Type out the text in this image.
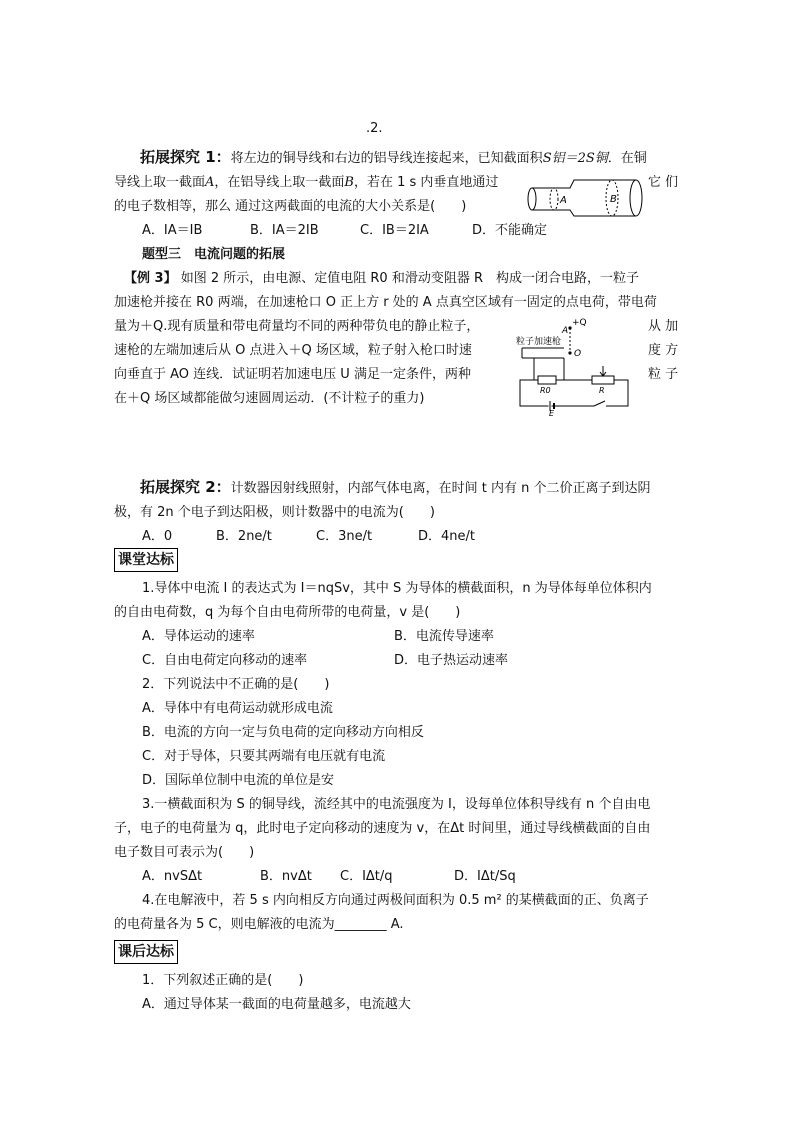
.2.
拓展探究 1：将左边的铜导线和右边的铝导线连接起来，已知截面积S铝＝2S铜．在铜
导线上取一截面A，在铝导线上取一截面B，若在 1 s 内垂直地通过	它 们
A	B
的电子数相等，那么 通过这两截面的电流的大小关系是(　　)
A．IA＝IB	B．IA＝2IB	C．IB＝2IA	D．不能确定
题型三　电流问题的拓展
【例 3】 如图 2 所示，由电源、定值电阻 R0 和滑动变阻器 R　构成一闭合电路，一粒子
加速枪并接在 R0 两端，在加速枪口 O 正上方 r 处的 A 点真空区域有一固定的点电荷，带电荷
量为＋Q.现有质量和带电荷量均不同的两种带负电的静止粒子，	从 加
速枪的左端加速后从 O 点进入＋Q 场区域，粒子射入枪口时速	度 方
向垂直于 AO 连线．试证明若加速电压 U 满足一定条件，两种	粒 子
在＋Q 场区域都能做匀速圆周运动．(不计粒子的重力)
+Q
A
粒子加速枪
O
R0	R
E
拓展探究 2：计数器因射线照射，内部气体电离，在时间 t 内有 n 个二价正离子到达阴
极，有 2n 个电子到达阳极，则计数器中的电流为(　　)
A．0	B．2ne/t	C．3ne/t	D．4ne/t
课堂达标
1.导体中电流 I 的表达式为 I＝nqSv，其中 S 为导体的横截面积，n 为导体每单位体积内
的自由电荷数，q 为每个自由电荷所带的电荷量，v 是(　　)
A．导体运动的速率	B．电流传导速率
C．自由电荷定向移动的速率	D．电子热运动速率
2．下列说法中不正确的是(　　)
A．导体中有电荷运动就形成电流
B．电流的方向一定与负电荷的定向移动方向相反
C．对于导体，只要其两端有电压就有电流
D．国际单位制中电流的单位是安
3.一横截面积为 S 的铜导线，流经其中的电流强度为 I，设每单位体积导线有 n 个自由电
子，电子的电荷量为 q，此时电子定向移动的速度为 v，在Δt 时间里，通过导线横截面的自由
电子数目可表示为(　　)
A．nvSΔt	B．nvΔt C．IΔt/q	D．IΔt/Sq
4.在电解液中，若 5 s 内向相反方向通过两极间面积为 0.5 m² 的某横截面的正、负离子
的电荷量各为 5 C，则电解液的电流为________ A.
课后达标
1．下列叙述正确的是(　　)
A．通过导体某一截面的电荷量越多，电流越大
